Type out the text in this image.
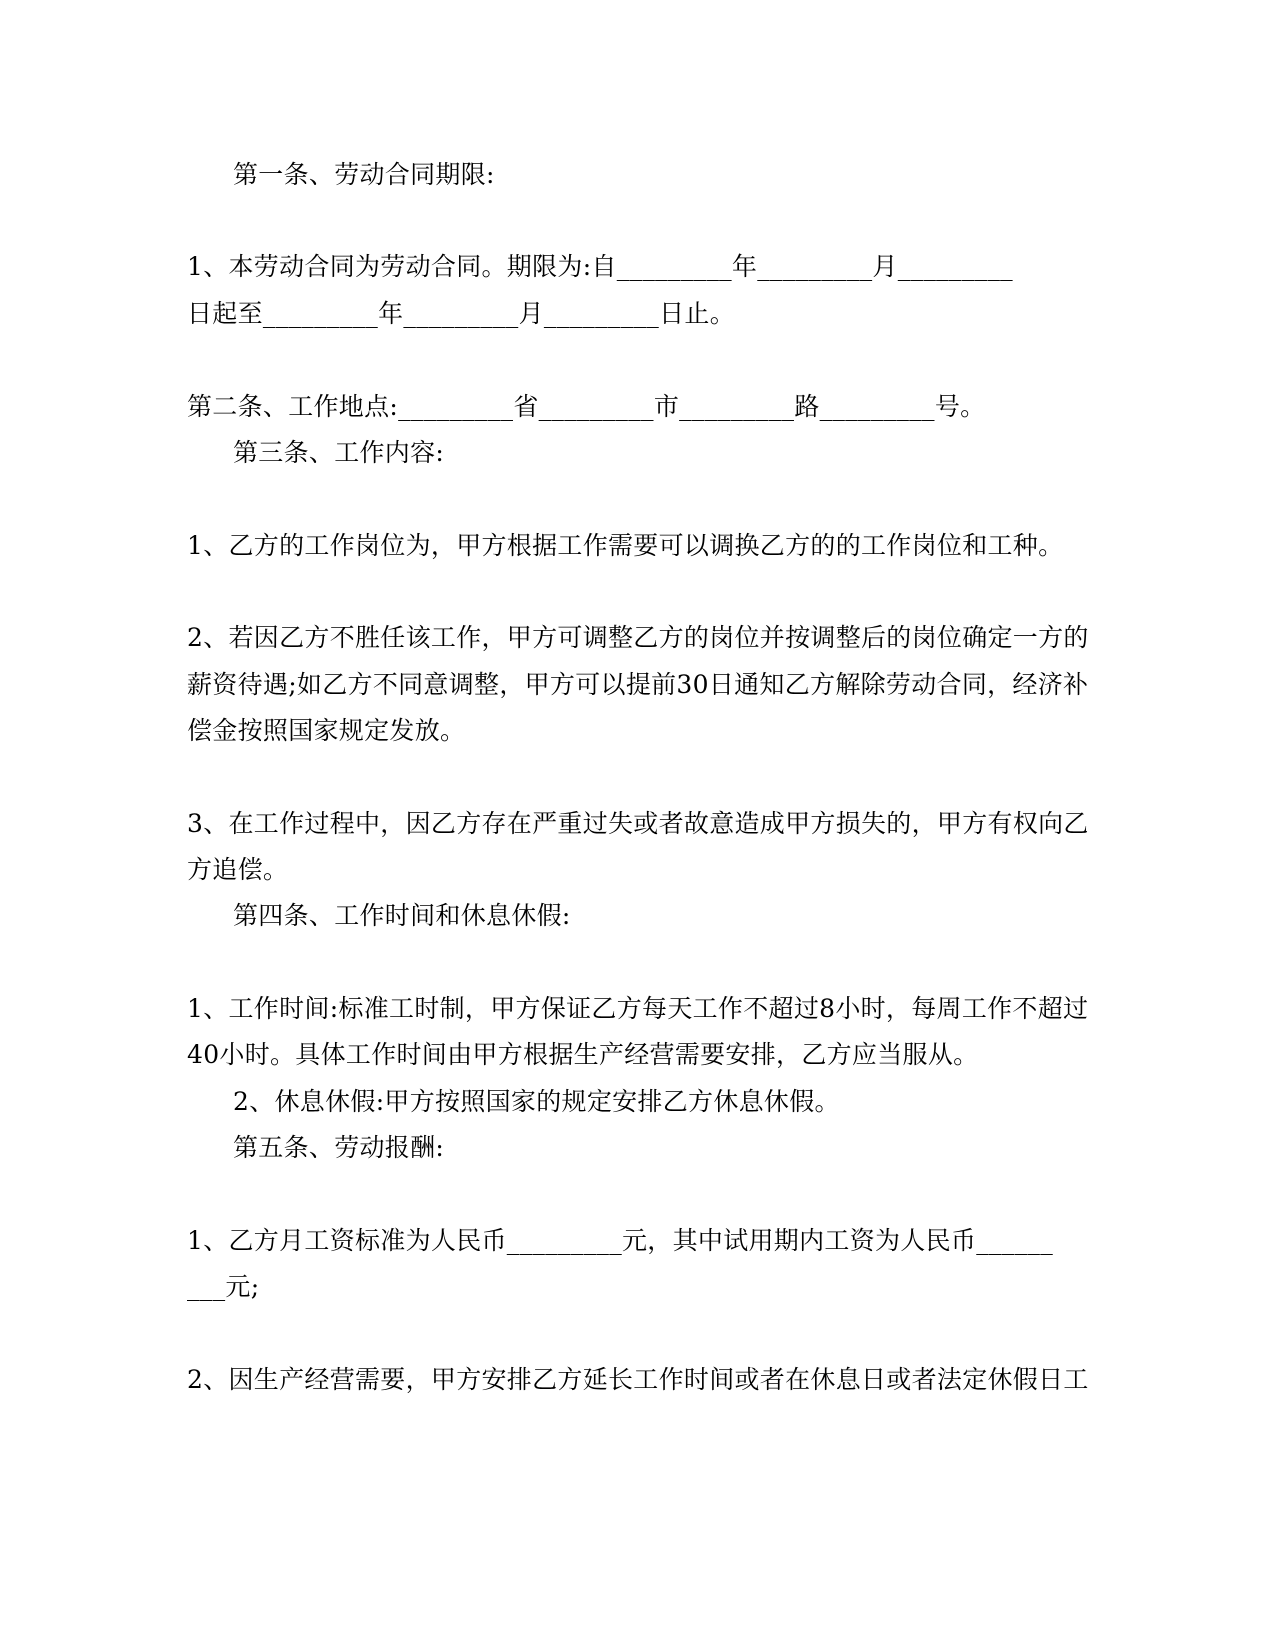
第一条、劳动合同期限:
1、本劳动合同为劳动合同。期限为:自_________年_________月_________
日起至_________年_________月_________日止。
第二条、工作地点:_________省_________市_________路_________号。
第三条、工作内容:
1、乙方的工作岗位为，甲方根据工作需要可以调换乙方的的工作岗位和工种。
2、若因乙方不胜任该工作，甲方可调整乙方的岗位并按调整后的岗位确定一方的
薪资待遇;如乙方不同意调整，甲方可以提前30日通知乙方解除劳动合同，经济补
偿金按照国家规定发放。
3、在工作过程中，因乙方存在严重过失或者故意造成甲方损失的，甲方有权向乙
方追偿。
第四条、工作时间和休息休假:
1、工作时间:标准工时制，甲方保证乙方每天工作不超过8小时，每周工作不超过
40小时。具体工作时间由甲方根据生产经营需要安排，乙方应当服从。
2、休息休假:甲方按照国家的规定安排乙方休息休假。
第五条、劳动报酬:
1、乙方月工资标准为人民币_________元，其中试用期内工资为人民币______
___元;
2、因生产经营需要，甲方安排乙方延长工作时间或者在休息日或者法定休假日工
